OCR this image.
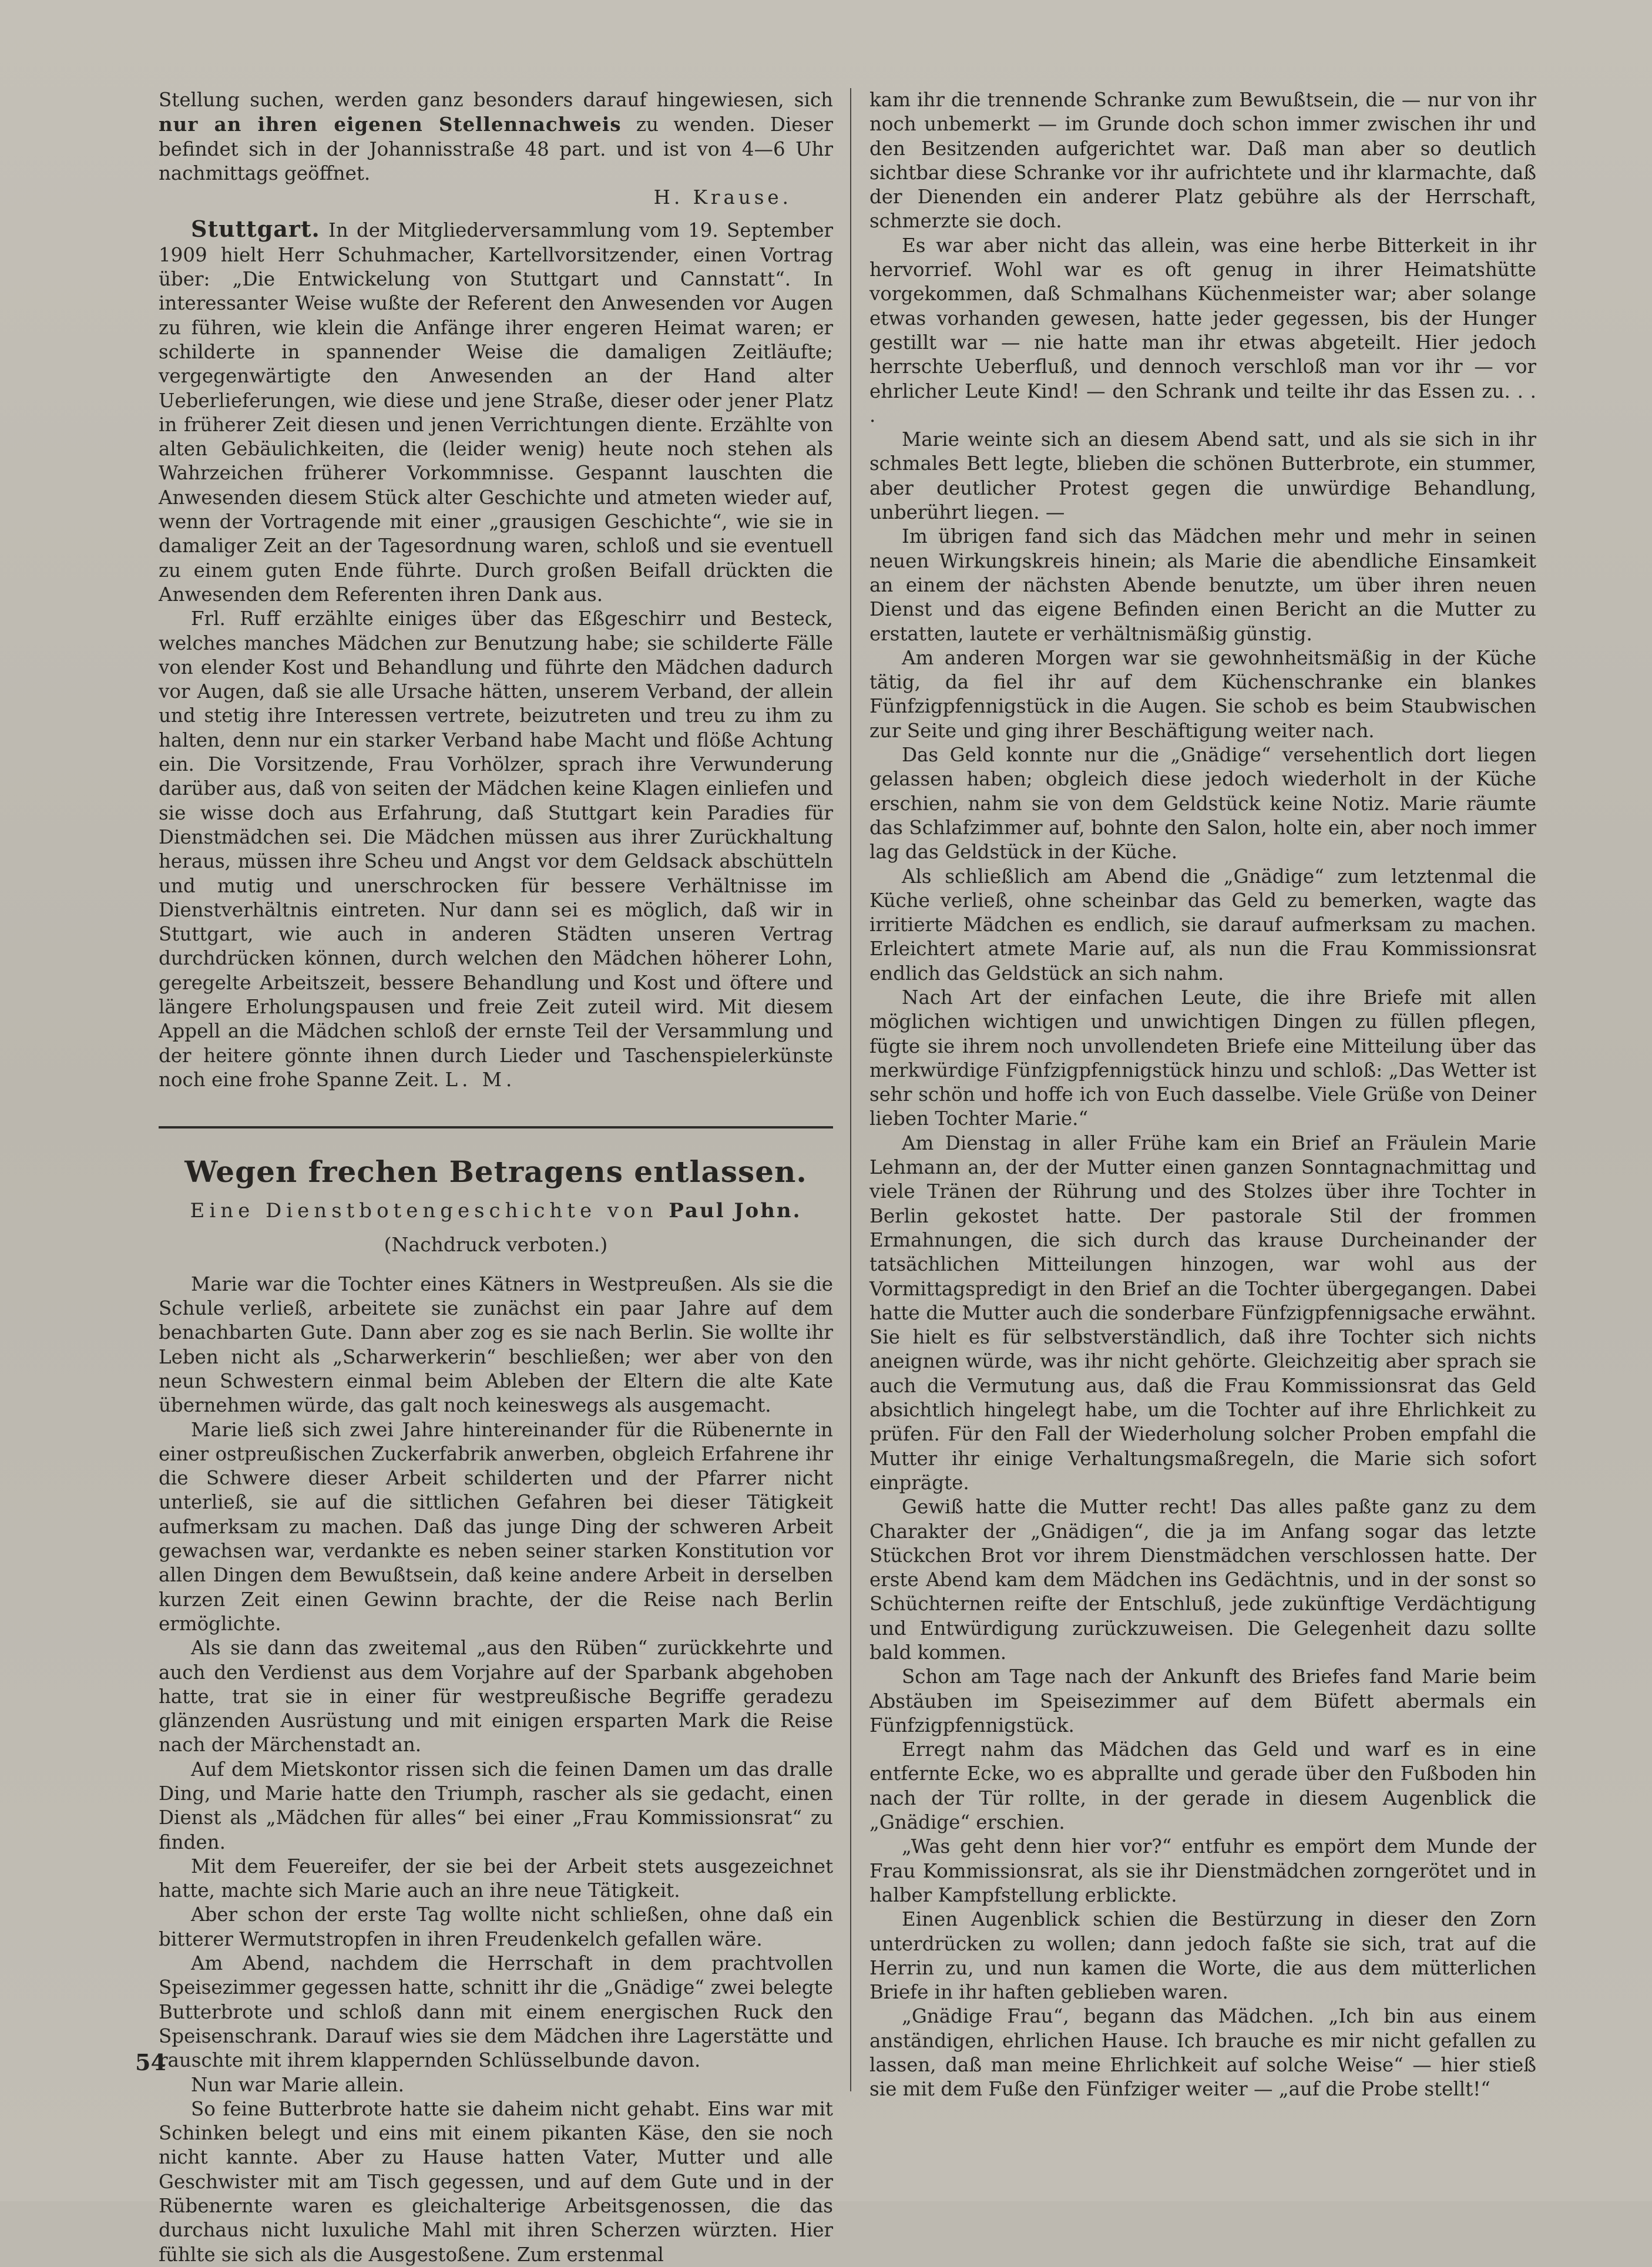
Stellung suchen, werden ganz besonders darauf hingewiesen, sich nur an ihren eigenen Stellennachweis zu wenden. Dieser befindet sich in der Johannisstraße 48 part. und ist von 4—6 Uhr nachmittags geöffnet.

H. Krause.

Stuttgart. In der Mitgliederversammlung vom 19. September 1909 hielt Herr Schuhmacher, Kartellvorsitzender, einen Vortrag über: „Die Entwickelung von Stuttgart und Cannstatt“. In interessanter Weise wußte der Referent den Anwesenden vor Augen zu führen, wie klein die Anfänge ihrer engeren Heimat waren; er schilderte in spannender Weise die damaligen Zeitläufte; vergegenwärtigte den Anwesenden an der Hand alter Ueberlieferungen, wie diese und jene Straße, dieser oder jener Platz in früherer Zeit diesen und jenen Verrichtungen diente. Erzählte von alten Gebäulichkeiten, die (leider wenig) heute noch stehen als Wahrzeichen früherer Vorkommnisse. Gespannt lauschten die Anwesenden diesem Stück alter Geschichte und atmeten wieder auf, wenn der Vortragende mit einer „grausigen Geschichte“, wie sie in damaliger Zeit an der Tagesordnung waren, schloß und sie eventuell zu einem guten Ende führte. Durch großen Beifall drückten die Anwesenden dem Referenten ihren Dank aus.

Frl. Ruff erzählte einiges über das Eßgeschirr und Besteck, welches manches Mädchen zur Benutzung habe; sie schilderte Fälle von elender Kost und Behandlung und führte den Mädchen dadurch vor Augen, daß sie alle Ursache hätten, unserem Verband, der allein und stetig ihre Interessen vertrete, beizutreten und treu zu ihm zu halten, denn nur ein starker Verband habe Macht und flöße Achtung ein. Die Vorsitzende, Frau Vorhölzer, sprach ihre Verwunderung darüber aus, daß von seiten der Mädchen keine Klagen einliefen und sie wisse doch aus Erfahrung, daß Stuttgart kein Paradies für Dienstmädchen sei. Die Mädchen müssen aus ihrer Zurückhaltung heraus, müssen ihre Scheu und Angst vor dem Geldsack abschütteln und mutig und unerschrocken für bessere Verhältnisse im Dienstverhältnis eintreten. Nur dann sei es möglich, daß wir in Stuttgart, wie auch in anderen Städten unseren Vertrag durchdrücken können, durch welchen den Mädchen höherer Lohn, geregelte Arbeitszeit, bessere Behandlung und Kost und öftere und längere Erholungspausen und freie Zeit zuteil wird. Mit diesem Appell an die Mädchen schloß der ernste Teil der Versammlung und der heitere gönnte ihnen durch Lieder und Taschenspielerkünste noch eine frohe Spanne Zeit. L. M.

Wegen frechen Betragens entlassen.
Eine Dienstbotengeschichte von Paul John.
(Nachdruck verboten.)

Marie war die Tochter eines Kätners in Westpreußen. Als sie die Schule verließ, arbeitete sie zunächst ein paar Jahre auf dem benachbarten Gute. Dann aber zog es sie nach Berlin. Sie wollte ihr Leben nicht als „Scharwerkerin“ beschließen; wer aber von den neun Schwestern einmal beim Ableben der Eltern die alte Kate übernehmen würde, das galt noch keineswegs als ausgemacht.

Marie ließ sich zwei Jahre hintereinander für die Rübenernte in einer ostpreußischen Zuckerfabrik anwerben, obgleich Erfahrene ihr die Schwere dieser Arbeit schilderten und der Pfarrer nicht unterließ, sie auf die sittlichen Gefahren bei dieser Tätigkeit aufmerksam zu machen. Daß das junge Ding der schweren Arbeit gewachsen war, verdankte es neben seiner starken Konstitution vor allen Dingen dem Bewußtsein, daß keine andere Arbeit in derselben kurzen Zeit einen Gewinn brachte, der die Reise nach Berlin ermöglichte.

Als sie dann das zweitemal „aus den Rüben“ zurückkehrte und auch den Verdienst aus dem Vorjahre auf der Sparbank abgehoben hatte, trat sie in einer für westpreußische Begriffe geradezu glänzenden Ausrüstung und mit einigen ersparten Mark die Reise nach der Märchenstadt an.

Auf dem Mietskontor rissen sich die feinen Damen um das dralle Ding, und Marie hatte den Triumph, rascher als sie gedacht, einen Dienst als „Mädchen für alles“ bei einer „Frau Kommissionsrat“ zu finden.

Mit dem Feuereifer, der sie bei der Arbeit stets ausgezeichnet hatte, machte sich Marie auch an ihre neue Tätigkeit.

Aber schon der erste Tag wollte nicht schließen, ohne daß ein bitterer Wermutstropfen in ihren Freudenkelch gefallen wäre.

Am Abend, nachdem die Herrschaft in dem prachtvollen Speisezimmer gegessen hatte, schnitt ihr die „Gnädige“ zwei belegte Butterbrote und schloß dann mit einem energischen Ruck den Speisenschrank. Darauf wies sie dem Mädchen ihre Lagerstätte und rauschte mit ihrem klappernden Schlüsselbunde davon.

Nun war Marie allein.

So feine Butterbrote hatte sie daheim nicht gehabt. Eins war mit Schinken belegt und eins mit einem pikanten Käse, den sie noch nicht kannte. Aber zu Hause hatten Vater, Mutter und alle Geschwister mit am Tisch gegessen, und auf dem Gute und in der Rübenernte waren es gleichalterige Arbeitsgenossen, die das durchaus nicht luxuliche Mahl mit ihren Scherzen würzten. Hier fühlte sie sich als die Ausgestoßene. Zum erstenmal

kam ihr die trennende Schranke zum Bewußtsein, die — nur von ihr noch unbemerkt — im Grunde doch schon immer zwischen ihr und den Besitzenden aufgerichtet war. Daß man aber so deutlich sichtbar diese Schranke vor ihr aufrichtete und ihr klarmachte, daß der Dienenden ein anderer Platz gebühre als der Herrschaft, schmerzte sie doch.

Es war aber nicht das allein, was eine herbe Bitterkeit in ihr hervorrief. Wohl war es oft genug in ihrer Heimatshütte vorgekommen, daß Schmalhans Küchenmeister war; aber solange etwas vorhanden gewesen, hatte jeder gegessen, bis der Hunger gestillt war — nie hatte man ihr etwas abgeteilt. Hier jedoch herrschte Ueberfluß, und dennoch verschloß man vor ihr — vor ehrlicher Leute Kind! — den Schrank und teilte ihr das Essen zu. . . .

Marie weinte sich an diesem Abend satt, und als sie sich in ihr schmales Bett legte, blieben die schönen Butterbrote, ein stummer, aber deutlicher Protest gegen die unwürdige Behandlung, unberührt liegen. —

Im übrigen fand sich das Mädchen mehr und mehr in seinen neuen Wirkungskreis hinein; als Marie die abendliche Einsamkeit an einem der nächsten Abende benutzte, um über ihren neuen Dienst und das eigene Befinden einen Bericht an die Mutter zu erstatten, lautete er verhältnismäßig günstig.

Am anderen Morgen war sie gewohnheitsmäßig in der Küche tätig, da fiel ihr auf dem Küchenschranke ein blankes Fünfzigpfennigstück in die Augen. Sie schob es beim Staubwischen zur Seite und ging ihrer Beschäftigung weiter nach.

Das Geld konnte nur die „Gnädige“ versehentlich dort liegen gelassen haben; obgleich diese jedoch wiederholt in der Küche erschien, nahm sie von dem Geldstück keine Notiz. Marie räumte das Schlafzimmer auf, bohnte den Salon, holte ein, aber noch immer lag das Geldstück in der Küche.

Als schließlich am Abend die „Gnädige“ zum letztenmal die Küche verließ, ohne scheinbar das Geld zu bemerken, wagte das irritierte Mädchen es endlich, sie darauf aufmerksam zu machen. Erleichtert atmete Marie auf, als nun die Frau Kommissionsrat endlich das Geldstück an sich nahm.

Nach Art der einfachen Leute, die ihre Briefe mit allen möglichen wichtigen und unwichtigen Dingen zu füllen pflegen, fügte sie ihrem noch unvollendeten Briefe eine Mitteilung über das merkwürdige Fünfzigpfennigstück hinzu und schloß: „Das Wetter ist sehr schön und hoffe ich von Euch dasselbe. Viele Grüße von Deiner lieben Tochter Marie.“

Am Dienstag in aller Frühe kam ein Brief an Fräulein Marie Lehmann an, der der Mutter einen ganzen Sonntagnachmittag und viele Tränen der Rührung und des Stolzes über ihre Tochter in Berlin gekostet hatte. Der pastorale Stil der frommen Ermahnungen, die sich durch das krause Durcheinander der tatsächlichen Mitteilungen hinzogen, war wohl aus der Vormittagspredigt in den Brief an die Tochter übergegangen. Dabei hatte die Mutter auch die sonderbare Fünfzigpfennigsache erwähnt. Sie hielt es für selbstverständlich, daß ihre Tochter sich nichts aneignen würde, was ihr nicht gehörte. Gleichzeitig aber sprach sie auch die Vermutung aus, daß die Frau Kommissionsrat das Geld absichtlich hingelegt habe, um die Tochter auf ihre Ehrlichkeit zu prüfen. Für den Fall der Wiederholung solcher Proben empfahl die Mutter ihr einige Verhaltungsmaßregeln, die Marie sich sofort einprägte.

Gewiß hatte die Mutter recht! Das alles paßte ganz zu dem Charakter der „Gnädigen“, die ja im Anfang sogar das letzte Stückchen Brot vor ihrem Dienstmädchen verschlossen hatte. Der erste Abend kam dem Mädchen ins Gedächtnis, und in der sonst so Schüchternen reifte der Entschluß, jede zukünftige Verdächtigung und Entwürdigung zurückzuweisen. Die Gelegenheit dazu sollte bald kommen.

Schon am Tage nach der Ankunft des Briefes fand Marie beim Abstäuben im Speisezimmer auf dem Büfett abermals ein Fünfzigpfennigstück.

Erregt nahm das Mädchen das Geld und warf es in eine entfernte Ecke, wo es abprallte und gerade über den Fußboden hin nach der Tür rollte, in der gerade in diesem Augenblick die „Gnädige“ erschien.

„Was geht denn hier vor?“ entfuhr es empört dem Munde der Frau Kommissionsrat, als sie ihr Dienstmädchen zorngerötet und in halber Kampfstellung erblickte.

Einen Augenblick schien die Bestürzung in dieser den Zorn unterdrücken zu wollen; dann jedoch faßte sie sich, trat auf die Herrin zu, und nun kamen die Worte, die aus dem mütterlichen Briefe in ihr haften geblieben waren.

„Gnädige Frau“, begann das Mädchen. „Ich bin aus einem anständigen, ehrlichen Hause. Ich brauche es mir nicht gefallen zu lassen, daß man meine Ehrlichkeit auf solche Weise“ — hier stieß sie mit dem Fuße den Fünfziger weiter — „auf die Probe stellt!“

54
